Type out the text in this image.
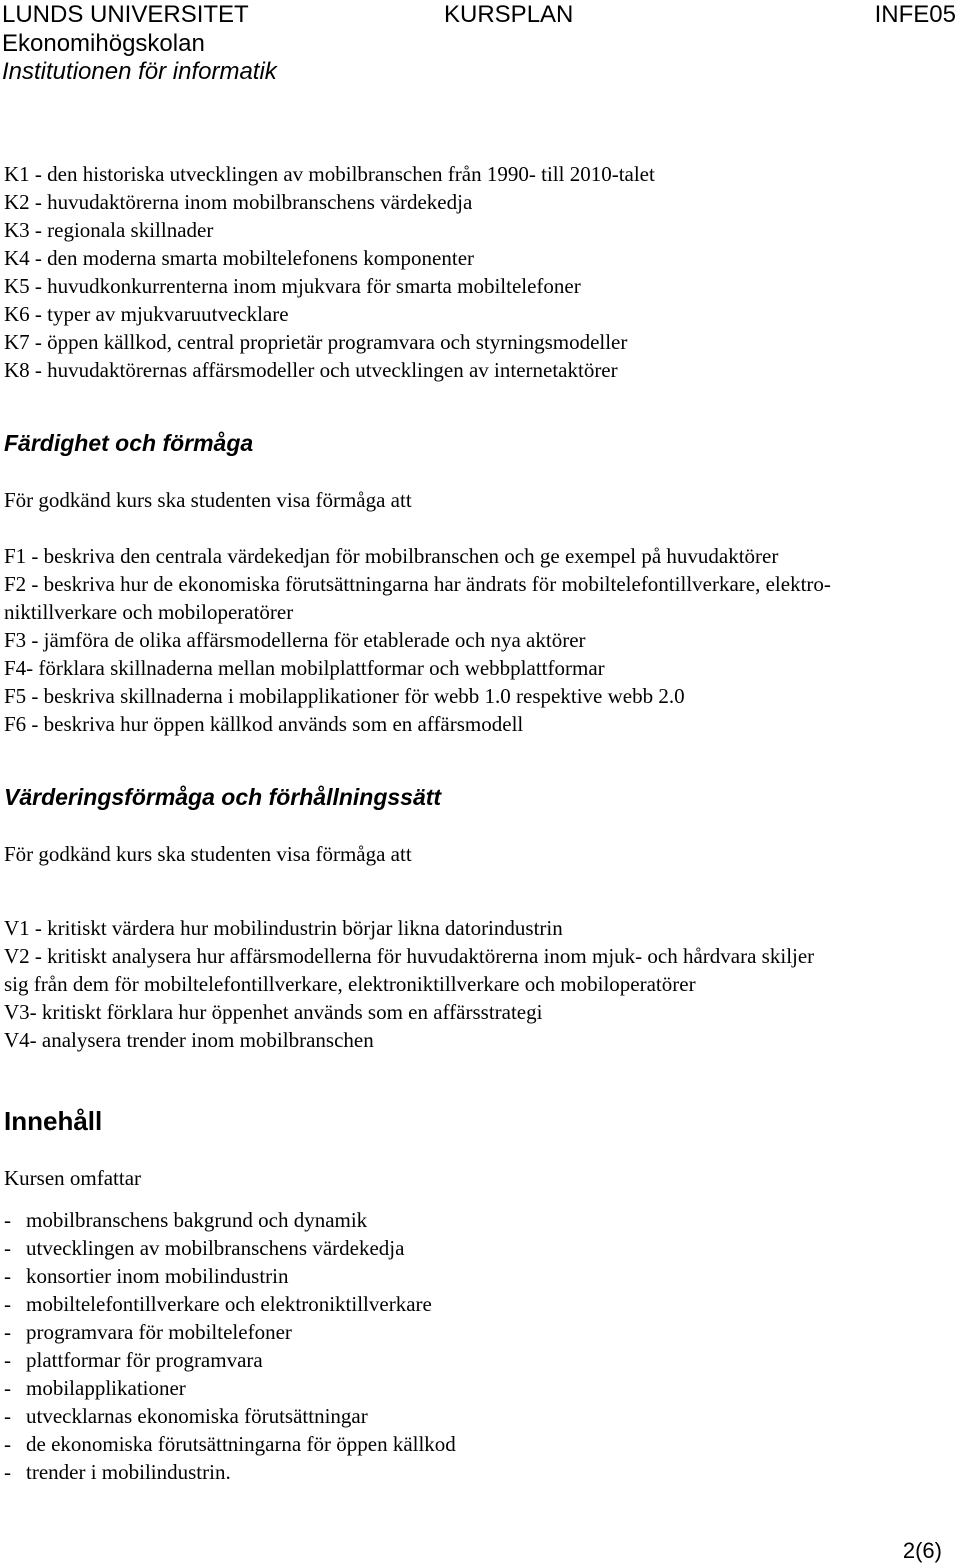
LUNDS UNIVERSITET	KURSPLAN	INFE05
Ekonomihögskolan
Institutionen för informatik
K1 - den historiska utvecklingen av mobilbranschen från 1990- till 2010-talet
K2 - huvudaktörerna inom mobilbranschens värdekedja
K3 - regionala skillnader
K4 - den moderna smarta mobiltelefonens komponenter
K5 - huvudkonkurrenterna inom mjukvara för smarta mobiltelefoner
K6 - typer av mjukvaruutvecklare
K7 - öppen källkod, central proprietär programvara och styrningsmodeller
K8 - huvudaktörernas affärsmodeller och utvecklingen av internetaktörer
Färdighet och förmåga
För godkänd kurs ska studenten visa förmåga att
F1 - beskriva den centrala värdekedjan för mobilbranschen och ge exempel på huvudaktörer
F2 - beskriva hur de ekonomiska förutsättningarna har ändrats för mobiltelefontillverkare, elektro-
niktillverkare och mobiloperatörer
F3 - jämföra de olika affärsmodellerna för etablerade och nya aktörer
F4- förklara skillnaderna mellan mobilplattformar och webbplattformar
F5 - beskriva skillnaderna i mobilapplikationer för webb 1.0 respektive webb 2.0
F6 - beskriva hur öppen källkod används som en affärsmodell
Värderingsförmåga och förhållningssätt
För godkänd kurs ska studenten visa förmåga att
V1 - kritiskt värdera hur mobilindustrin börjar likna datorindustrin
V2 - kritiskt analysera hur affärsmodellerna för huvudaktörerna inom mjuk- och hårdvara skiljer
sig från dem för mobiltelefontillverkare, elektroniktillverkare och mobiloperatörer
V3- kritiskt förklara hur öppenhet används som en affärsstrategi
V4- analysera trender inom mobilbranschen
Innehåll
Kursen omfattar
- mobilbranschens bakgrund och dynamik
- utvecklingen av mobilbranschens värdekedja
- konsortier inom mobilindustrin
- mobiltelefontillverkare och elektroniktillverkare
- programvara för mobiltelefoner
- plattformar för programvara
- mobilapplikationer
- utvecklarnas ekonomiska förutsättningar
- de ekonomiska förutsättningarna för öppen källkod
- trender i mobilindustrin.
2(6)
